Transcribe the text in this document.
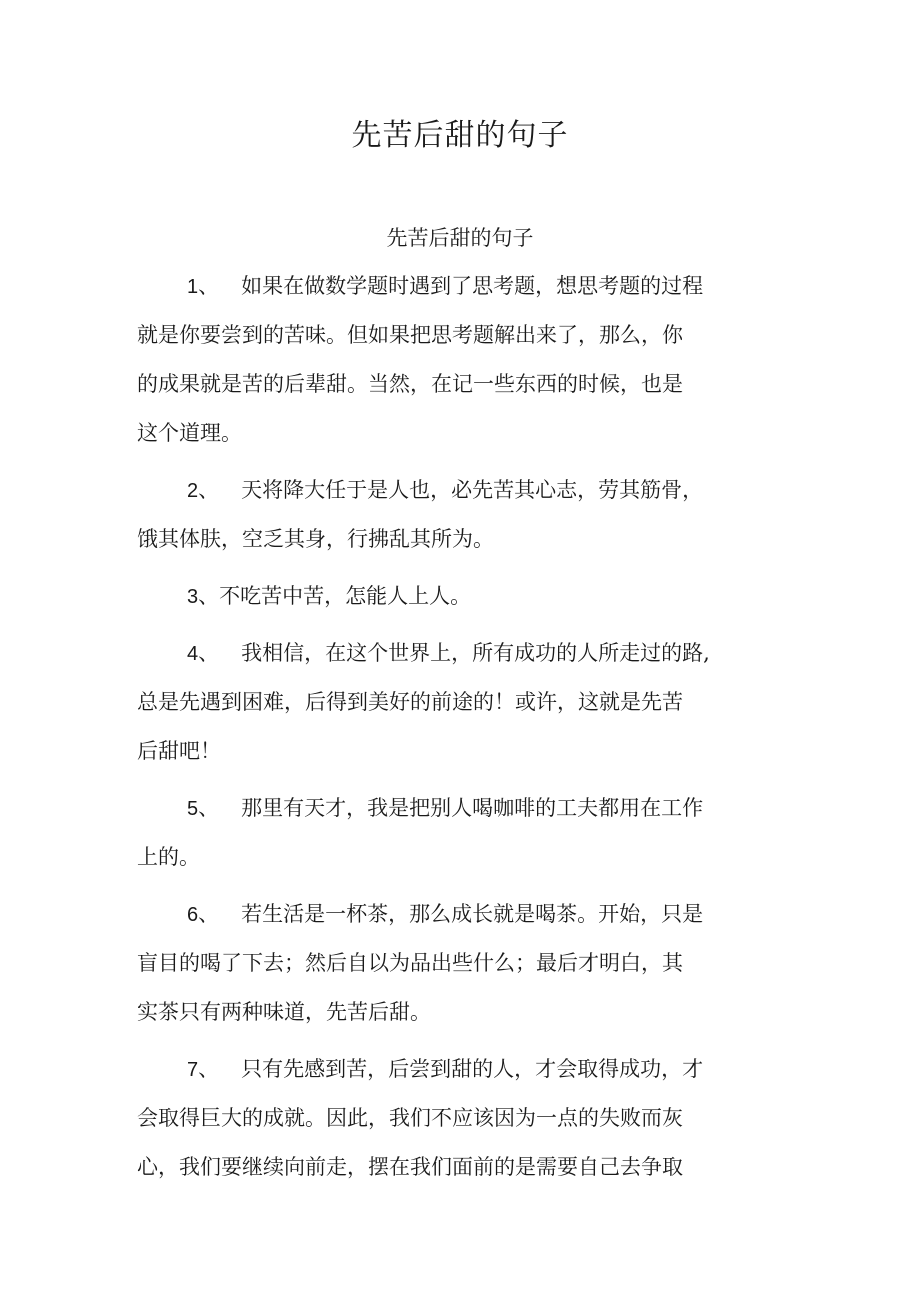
先苦后甜的句子
先苦后甜的句子
1、 如果在做数学题时遇到了思考题，想思考题的过程
就是你要尝到的苦味。但如果把思考题解出来了，那么，你
的成果就是苦的后辈甜。当然，在记一些东西的时候，也是
这个道理。
2、 天将降大任于是人也，必先苦其心志，劳其筋骨，
饿其体肤，空乏其身，行拂乱其所为。
3、不吃苦中苦，怎能人上人。
4、 我相信，在这个世界上，所有成功的人所走过的路,
总是先遇到困难，后得到美好的前途的！或许，这就是先苦
后甜吧！
5、 那里有天才，我是把别人喝咖啡的工夫都用在工作
上的。
6、 若生活是一杯茶，那么成长就是喝茶。开始，只是
盲目的喝了下去；然后自以为品出些什么；最后才明白，其
实茶只有两种味道，先苦后甜。
7、 只有先感到苦，后尝到甜的人，才会取得成功，才
会取得巨大的成就。因此，我们不应该因为一点的失败而灰
心，我们要继续向前走，摆在我们面前的是需要自己去争取
